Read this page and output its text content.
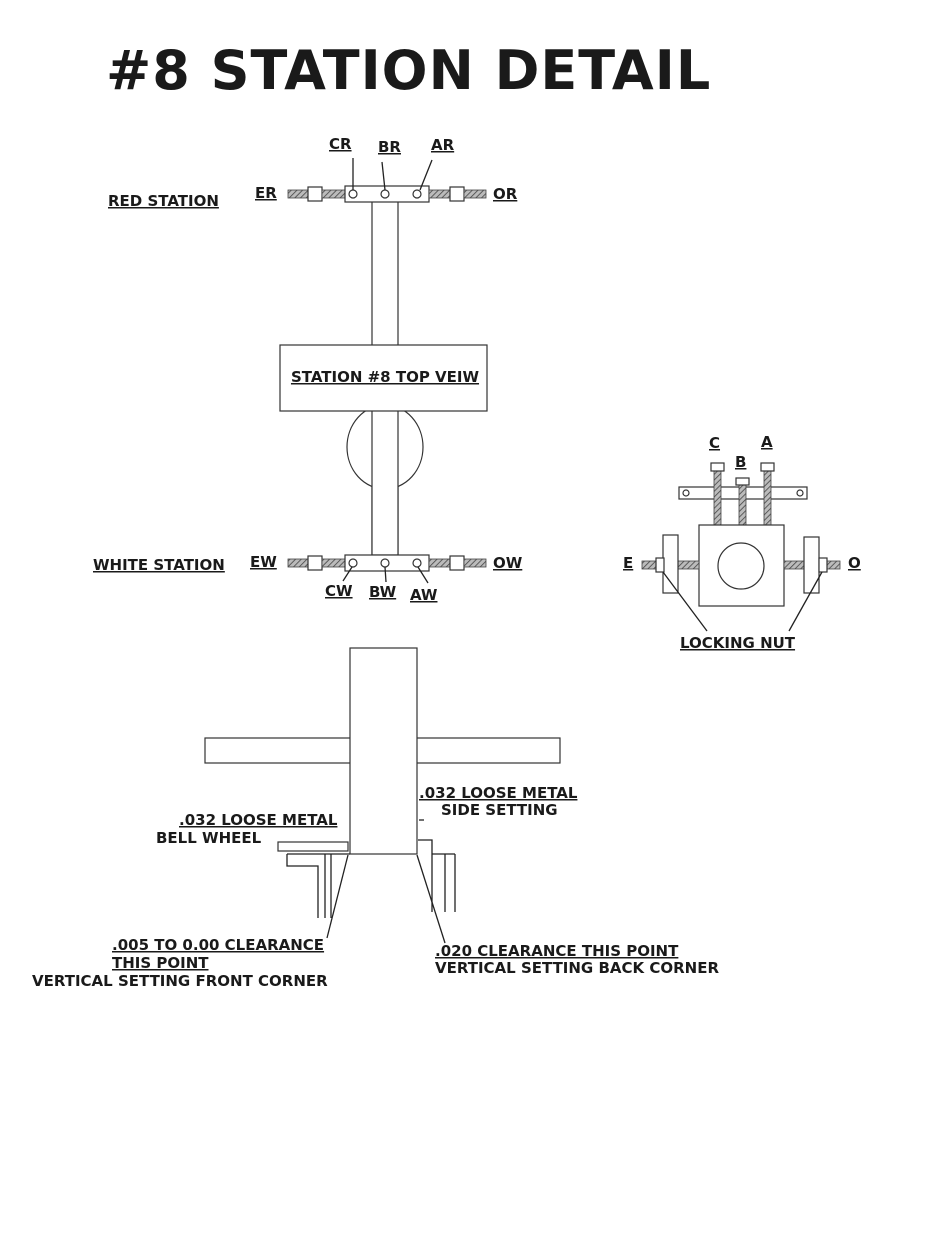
#8 STATION DETAIL
STATION #8 TOP VEIW
RED STATION ER	OR
CR BR AR
WHITE STATION EW	OW
CW BW AW
C	A
B
E	O
LOCKING NUT
.032 LOOSE METAL
SIDE SETTING
.032 LOOSE METAL
BELL WHEEL
.005 TO 0.00 CLEARANCE
THIS POINT
VERTICAL SETTING FRONT CORNER
.020 CLEARANCE THIS POINT
VERTICAL SETTING BACK CORNER
